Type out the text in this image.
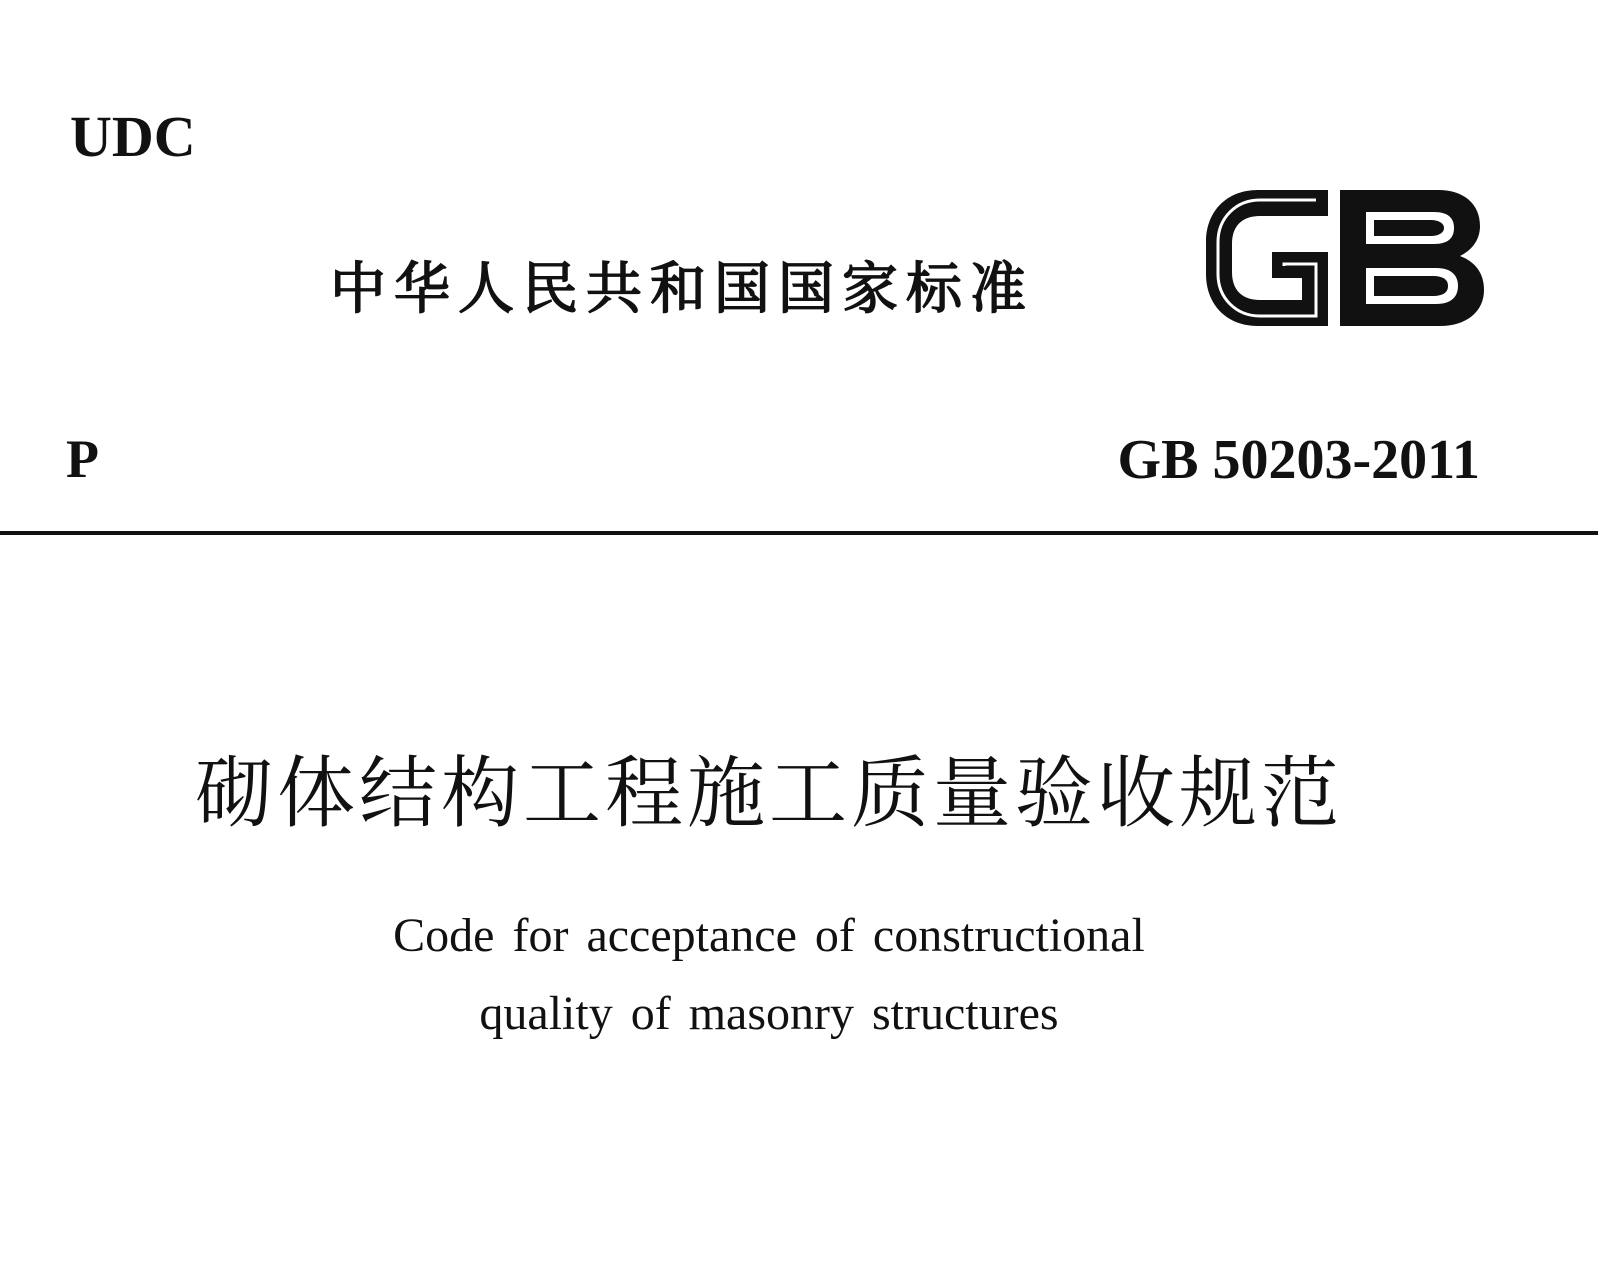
UDC
中华人民共和国国家标准
P	GB 50203-2011
砌体结构工程施工质量验收规范
Code for acceptance of constructional
quality of masonry structures
